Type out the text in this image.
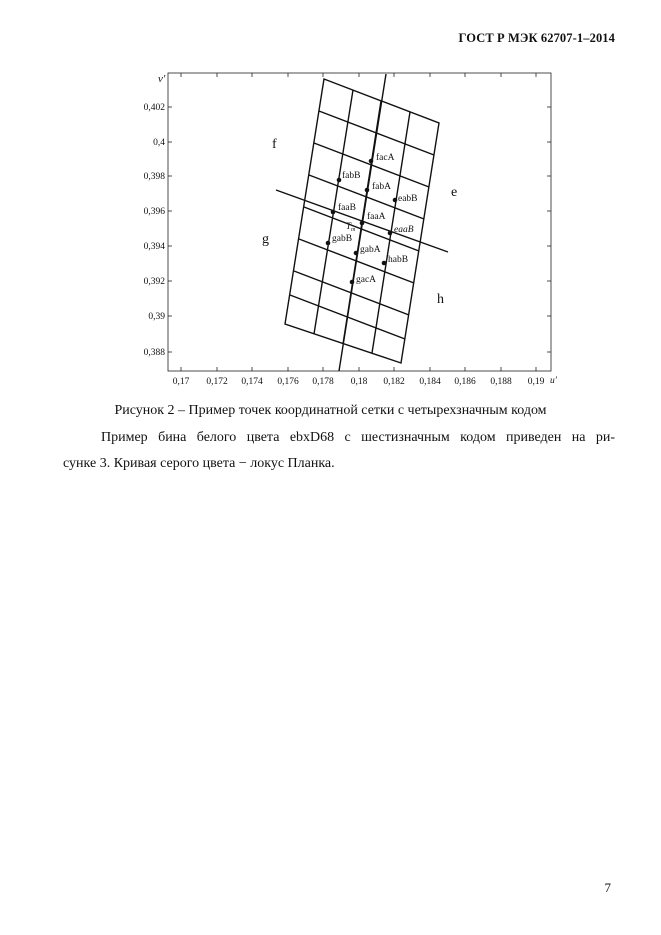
ГОСТ Р МЭК 62707-1–2014
0,402
0,4
0,398
0,396
0,394
0,392
0,39
0,388
0,17 0,172 0,174 0,176 0,178 0,18 0,182 0,184 0,186 0,188 0,19
v′
u′
f
e
g
h
facA
fabB
fabA
eabB
faaB
faaA
eaaB
gabB
gabA
habB
gacA
$T_m$
Рисунок 2 – Пример точек координатной сетки с четырехзначным кодом
Пример бина белого цвета ebxD68 с шестизначным кодом приведен на ри-
сунке 3. Кривая серого цвета − локус Планка.
7
